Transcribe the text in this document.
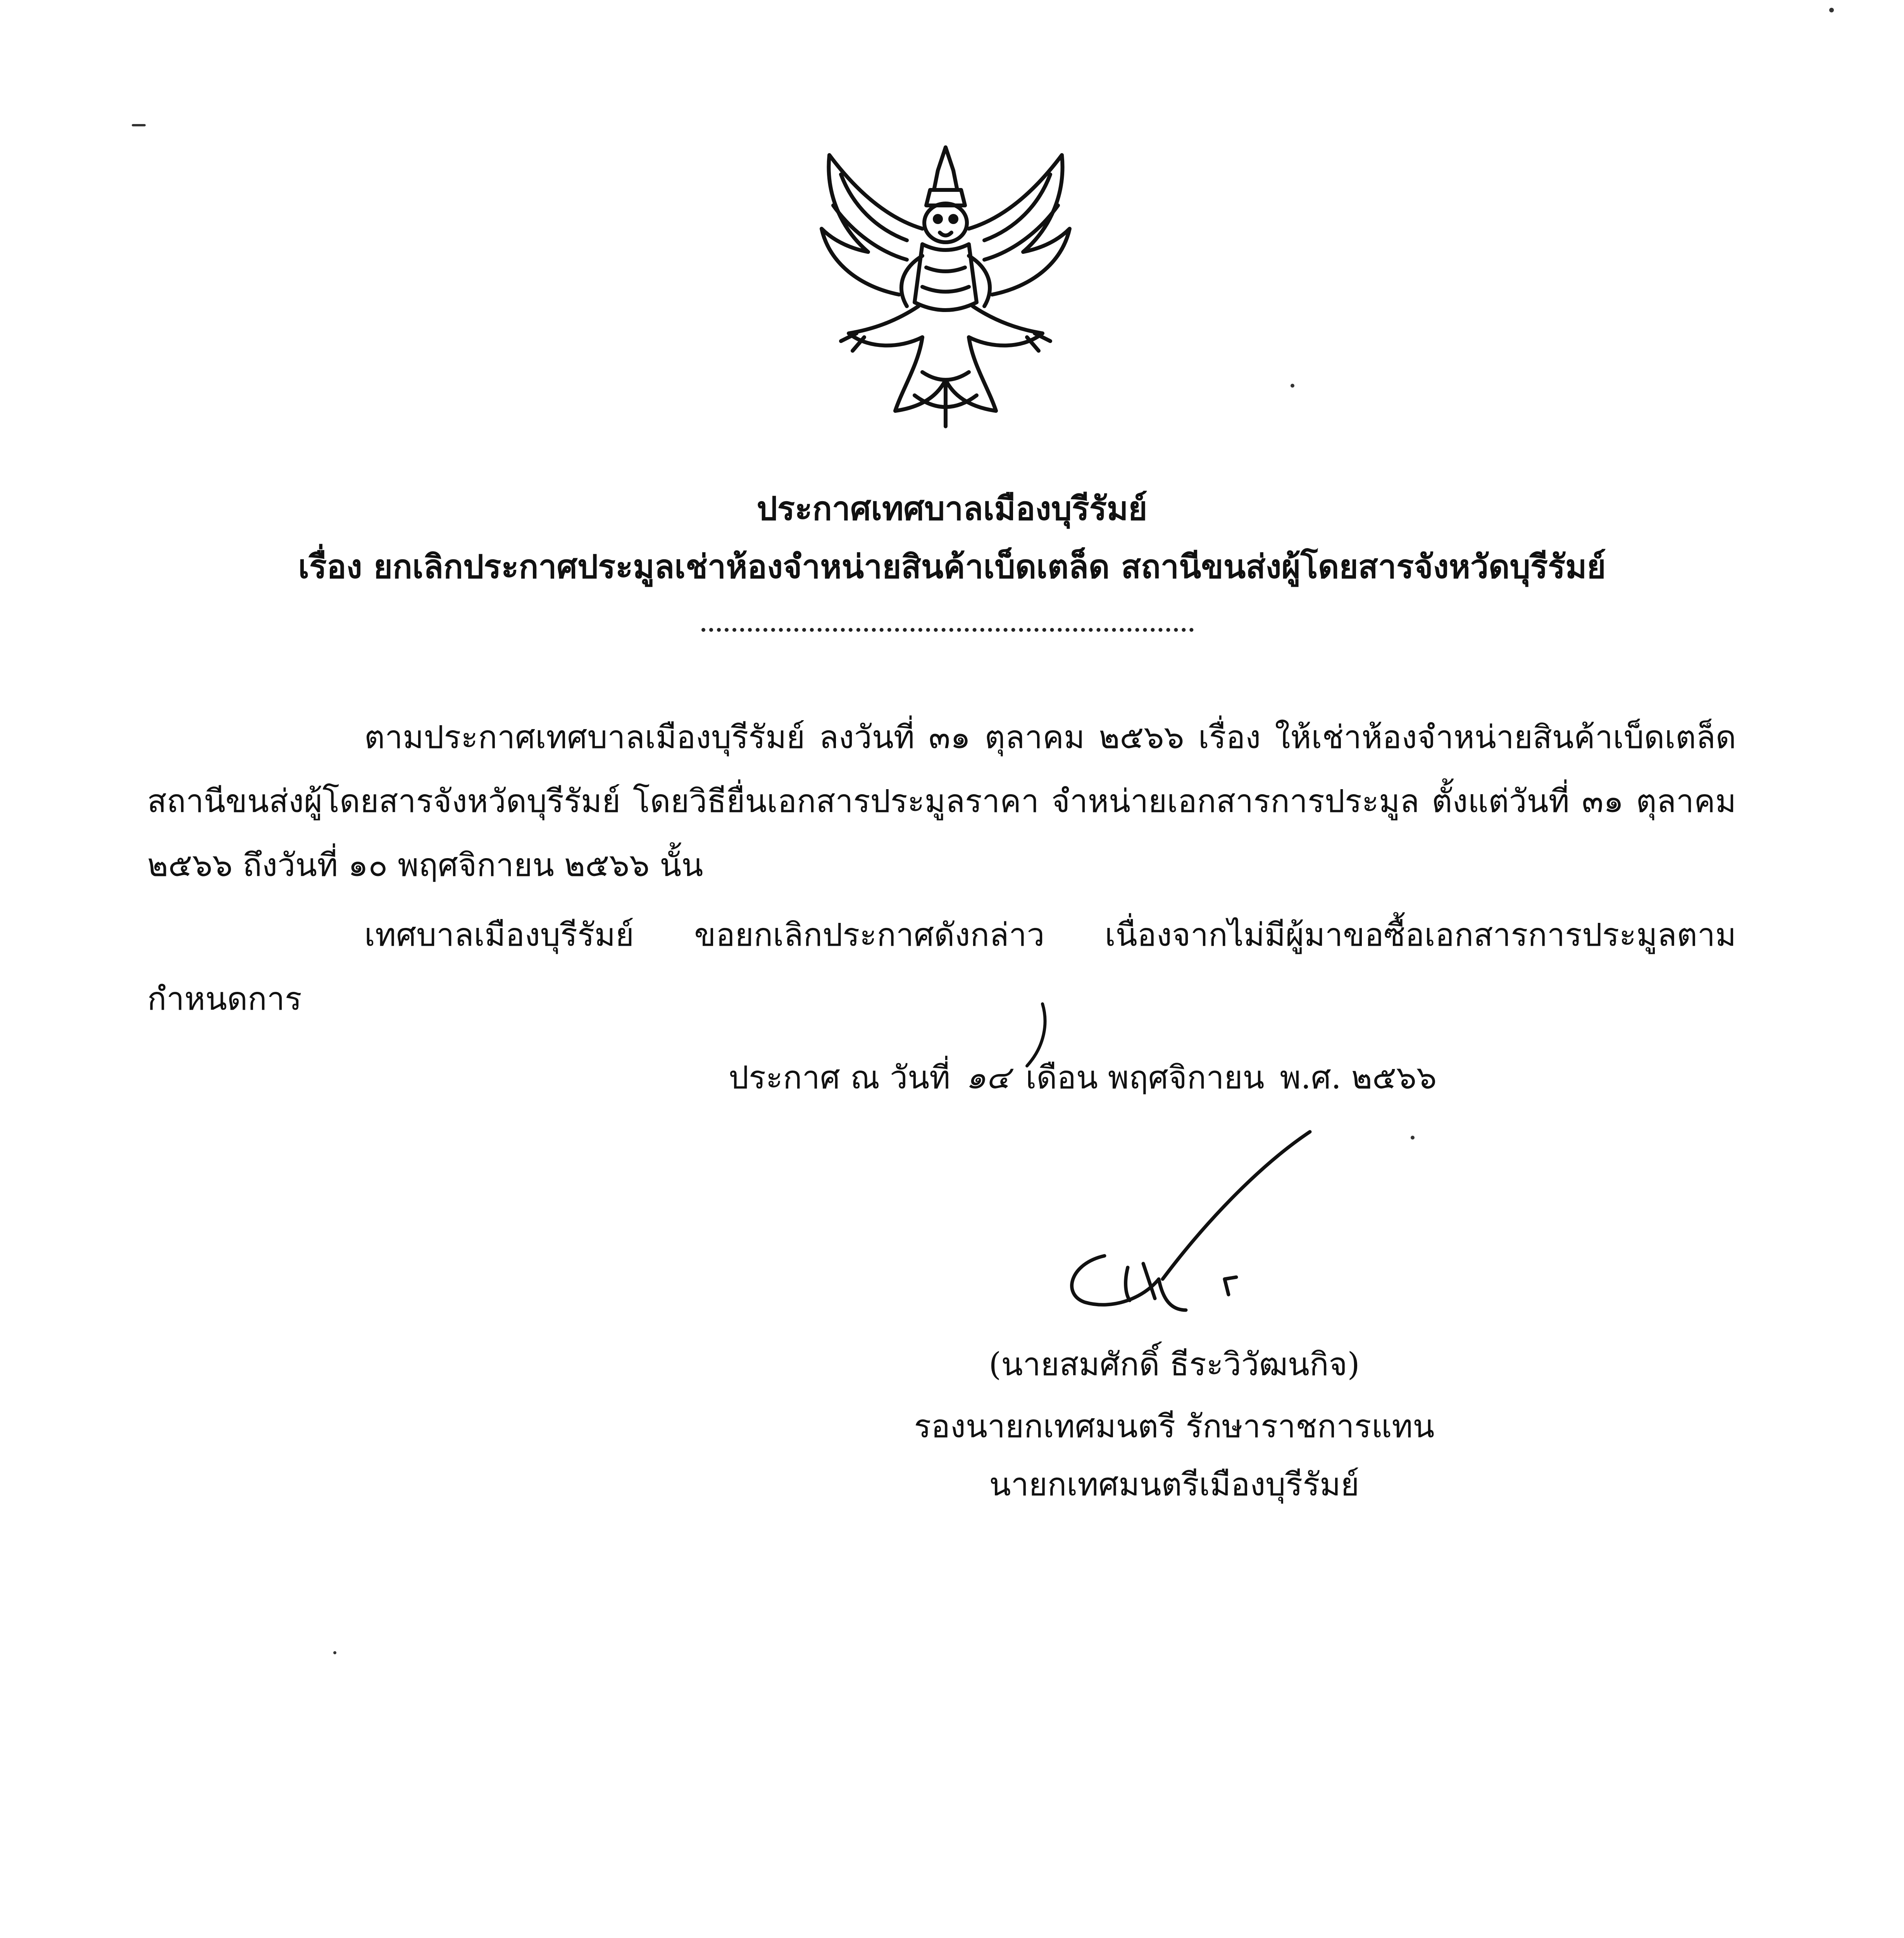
ประกาศเทศบาลเมืองบุรีรัมย์
เรื่อง ยกเลิกประกาศประมูลเช่าห้องจำหน่ายสินค้าเบ็ดเตล็ด สถานีขนส่งผู้โดยสารจังหวัดบุรีรัมย์
ตามประกาศเทศบาลเมืองบุรีรัมย์ ลงวันที่ ๓๑ ตุลาคม ๒๕๖๖ เรื่อง ให้เช่าห้องจำหน่ายสินค้าเบ็ดเตล็ด สถานีขนส่งผู้โดยสารจังหวัดบุรีรัมย์ โดยวิธียื่นเอกสารประมูลราคา จำหน่ายเอกสารการประมูล ตั้งแต่วันที่ ๓๑ ตุลาคม ๒๕๖๖ ถึงวันที่ ๑๐ พฤศจิกายน ๒๕๖๖ นั้น
เทศบาลเมืองบุรีรัมย์ ขอยกเลิกประกาศดังกล่าว เนื่องจากไม่มีผู้มาขอซื้อเอกสารการประมูลตามกำหนดการ
ประกาศ ณ วันที่ ๑๔ เดือน พฤศจิกายน พ.ศ. ๒๕๖๖
(นายสมศักดิ์ ธีระวิวัฒนกิจ)
รองนายกเทศมนตรี รักษาราชการแทน
นายกเทศมนตรีเมืองบุรีรัมย์
